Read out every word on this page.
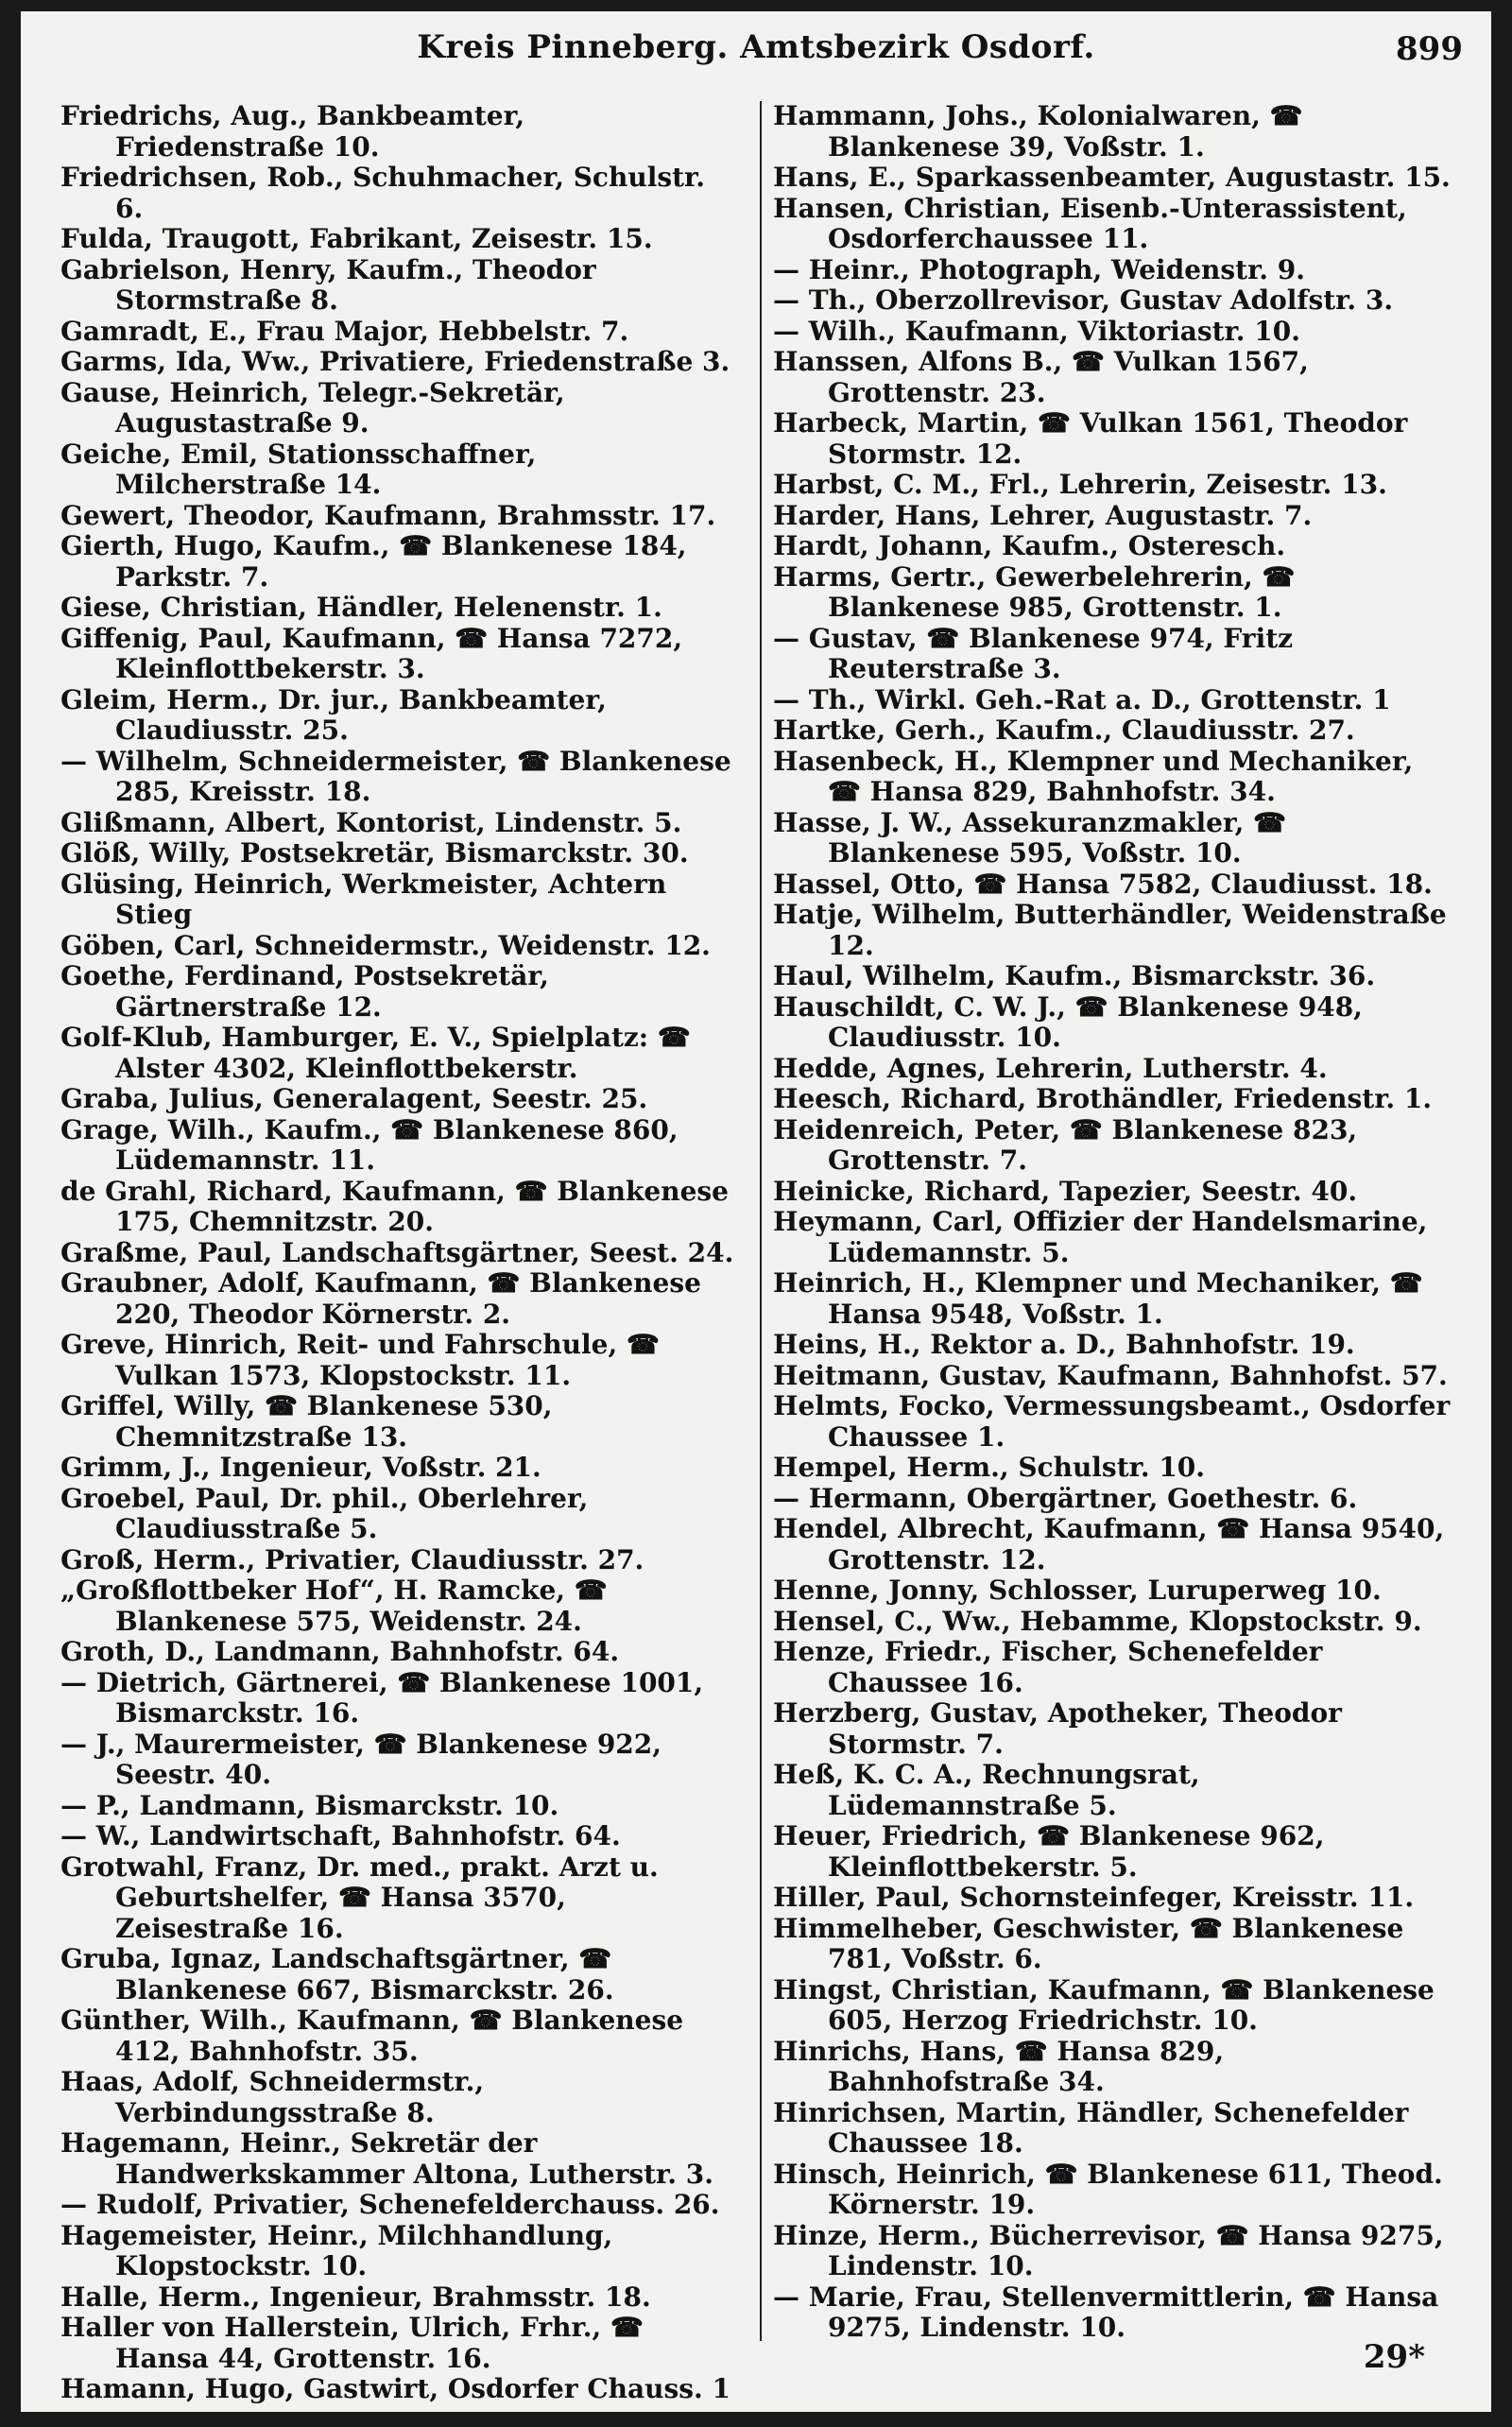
Kreis Pinneberg. Amtsbezirk Osdorf.	899

Friedrichs, Aug., Bankbeamter, Friedenstraße 10.

Friedrichsen, Rob., Schuhmacher, Schulstr. 6.

Fulda, Traugott, Fabrikant, Zeisestr. 15.

Gabrielson, Henry, Kaufm., Theodor Stormstraße 8.

Gamradt, E., Frau Major, Hebbelstr. 7.

Garms, Ida, Ww., Privatiere, Friedenstraße 3.

Gause, Heinrich, Telegr.-Sekretär, Augustastraße 9.

Geiche, Emil, Stationsschaffner, Milcherstraße 14.

Gewert, Theodor, Kaufmann, Brahmsstr. 17.

Gierth, Hugo, Kaufm., ☎ Blankenese 184, Parkstr. 7.

Giese, Christian, Händler, Helenenstr. 1.

Giffenig, Paul, Kaufmann, ☎ Hansa 7272, Kleinflottbekerstr. 3.

Gleim, Herm., Dr. jur., Bankbeamter, Claudiusstr. 25.

— Wilhelm, Schneidermeister, ☎ Blankenese 285, Kreisstr. 18.

Glißmann, Albert, Kontorist, Lindenstr. 5.

Glöß, Willy, Postsekretär, Bismarckstr. 30.

Glüsing, Heinrich, Werkmeister, Achtern Stieg

Göben, Carl, Schneidermstr., Weidenstr. 12.

Goethe, Ferdinand, Postsekretär, Gärtnerstraße 12.

Golf-Klub, Hamburger, E. V., Spielplatz: ☎ Alster 4302, Kleinflottbekerstr.

Graba, Julius, Generalagent, Seestr. 25.

Grage, Wilh., Kaufm., ☎ Blankenese 860, Lüdemannstr. 11.

de Grahl, Richard, Kaufmann, ☎ Blankenese 175, Chemnitzstr. 20.

Graßme, Paul, Landschaftsgärtner, Seest. 24.

Graubner, Adolf, Kaufmann, ☎ Blankenese 220, Theodor Körnerstr. 2.

Greve, Hinrich, Reit- und Fahrschule, ☎ Vulkan 1573, Klopstockstr. 11.

Griffel, Willy, ☎ Blankenese 530, Chemnitzstraße 13.

Grimm, J., Ingenieur, Voßstr. 21.

Groebel, Paul, Dr. phil., Oberlehrer, Claudiusstraße 5.

Groß, Herm., Privatier, Claudiusstr. 27.

„Großflottbeker Hof“, H. Ramcke, ☎ Blankenese 575, Weidenstr. 24.

Groth, D., Landmann, Bahnhofstr. 64.

— Dietrich, Gärtnerei, ☎ Blankenese 1001, Bismarckstr. 16.

— J., Maurermeister, ☎ Blankenese 922, Seestr. 40.

— P., Landmann, Bismarckstr. 10.

— W., Landwirtschaft, Bahnhofstr. 64.

Grotwahl, Franz, Dr. med., prakt. Arzt u. Geburtshelfer, ☎ Hansa 3570, Zeisestraße 16.

Gruba, Ignaz, Landschaftsgärtner, ☎ Blankenese 667, Bismarckstr. 26.

Günther, Wilh., Kaufmann, ☎ Blankenese 412, Bahnhofstr. 35.

Haas, Adolf, Schneidermstr., Verbindungsstraße 8.

Hagemann, Heinr., Sekretär der Handwerkskammer Altona, Lutherstr. 3.

— Rudolf, Privatier, Schenefelderchauss. 26.

Hagemeister, Heinr., Milchhandlung, Klopstockstr. 10.

Halle, Herm., Ingenieur, Brahmsstr. 18.

Haller von Hallerstein, Ulrich, Frhr., ☎ Hansa 44, Grottenstr. 16.

Hamann, Hugo, Gastwirt, Osdorfer Chauss. 1

Hammann, Johs., Kolonialwaren, ☎ Blankenese 39, Voßstr. 1.

Hans, E., Sparkassenbeamter, Augustastr. 15.

Hansen, Christian, Eisenb.-Unterassistent, Osdorferchaussee 11.

— Heinr., Photograph, Weidenstr. 9.

— Th., Oberzollrevisor, Gustav Adolfstr. 3.

— Wilh., Kaufmann, Viktoriastr. 10.

Hanssen, Alfons B., ☎ Vulkan 1567, Grottenstr. 23.

Harbeck, Martin, ☎ Vulkan 1561, Theodor Stormstr. 12.

Harbst, C. M., Frl., Lehrerin, Zeisestr. 13.

Harder, Hans, Lehrer, Augustastr. 7.

Hardt, Johann, Kaufm., Osteresch.

Harms, Gertr., Gewerbelehrerin, ☎ Blankenese 985, Grottenstr. 1.

— Gustav, ☎ Blankenese 974, Fritz Reuterstraße 3.

— Th., Wirkl. Geh.-Rat a. D., Grottenstr. 1

Hartke, Gerh., Kaufm., Claudiusstr. 27.

Hasenbeck, H., Klempner und Mechaniker, ☎ Hansa 829, Bahnhofstr. 34.

Hasse, J. W., Assekuranzmakler, ☎ Blankenese 595, Voßstr. 10.

Hassel, Otto, ☎ Hansa 7582, Claudiusst. 18.

Hatje, Wilhelm, Butterhändler, Weidenstraße 12.

Haul, Wilhelm, Kaufm., Bismarckstr. 36.

Hauschildt, C. W. J., ☎ Blankenese 948, Claudiusstr. 10.

Hedde, Agnes, Lehrerin, Lutherstr. 4.

Heesch, Richard, Brothändler, Friedenstr. 1.

Heidenreich, Peter, ☎ Blankenese 823, Grottenstr. 7.

Heinicke, Richard, Tapezier, Seestr. 40.

Heymann, Carl, Offizier der Handelsmarine, Lüdemannstr. 5.

Heinrich, H., Klempner und Mechaniker, ☎ Hansa 9548, Voßstr. 1.

Heins, H., Rektor a. D., Bahnhofstr. 19.

Heitmann, Gustav, Kaufmann, Bahnhofst. 57.

Helmts, Focko, Vermessungsbeamt., Osdorfer Chaussee 1.

Hempel, Herm., Schulstr. 10.

— Hermann, Obergärtner, Goethestr. 6.

Hendel, Albrecht, Kaufmann, ☎ Hansa 9540, Grottenstr. 12.

Henne, Jonny, Schlosser, Luruperweg 10.

Hensel, C., Ww., Hebamme, Klopstockstr. 9.

Henze, Friedr., Fischer, Schenefelder Chaussee 16.

Herzberg, Gustav, Apotheker, Theodor Stormstr. 7.

Heß, K. C. A., Rechnungsrat, Lüdemannstraße 5.

Heuer, Friedrich, ☎ Blankenese 962, Kleinflottbekerstr. 5.

Hiller, Paul, Schornsteinfeger, Kreisstr. 11.

Himmelheber, Geschwister, ☎ Blankenese 781, Voßstr. 6.

Hingst, Christian, Kaufmann, ☎ Blankenese 605, Herzog Friedrichstr. 10.

Hinrichs, Hans, ☎ Hansa 829, Bahnhofstraße 34.

Hinrichsen, Martin, Händler, Schenefelder Chaussee 18.

Hinsch, Heinrich, ☎ Blankenese 611, Theod. Körnerstr. 19.

Hinze, Herm., Bücherrevisor, ☎ Hansa 9275, Lindenstr. 10.

— Marie, Frau, Stellenvermittlerin, ☎ Hansa 9275, Lindenstr. 10.

29*
